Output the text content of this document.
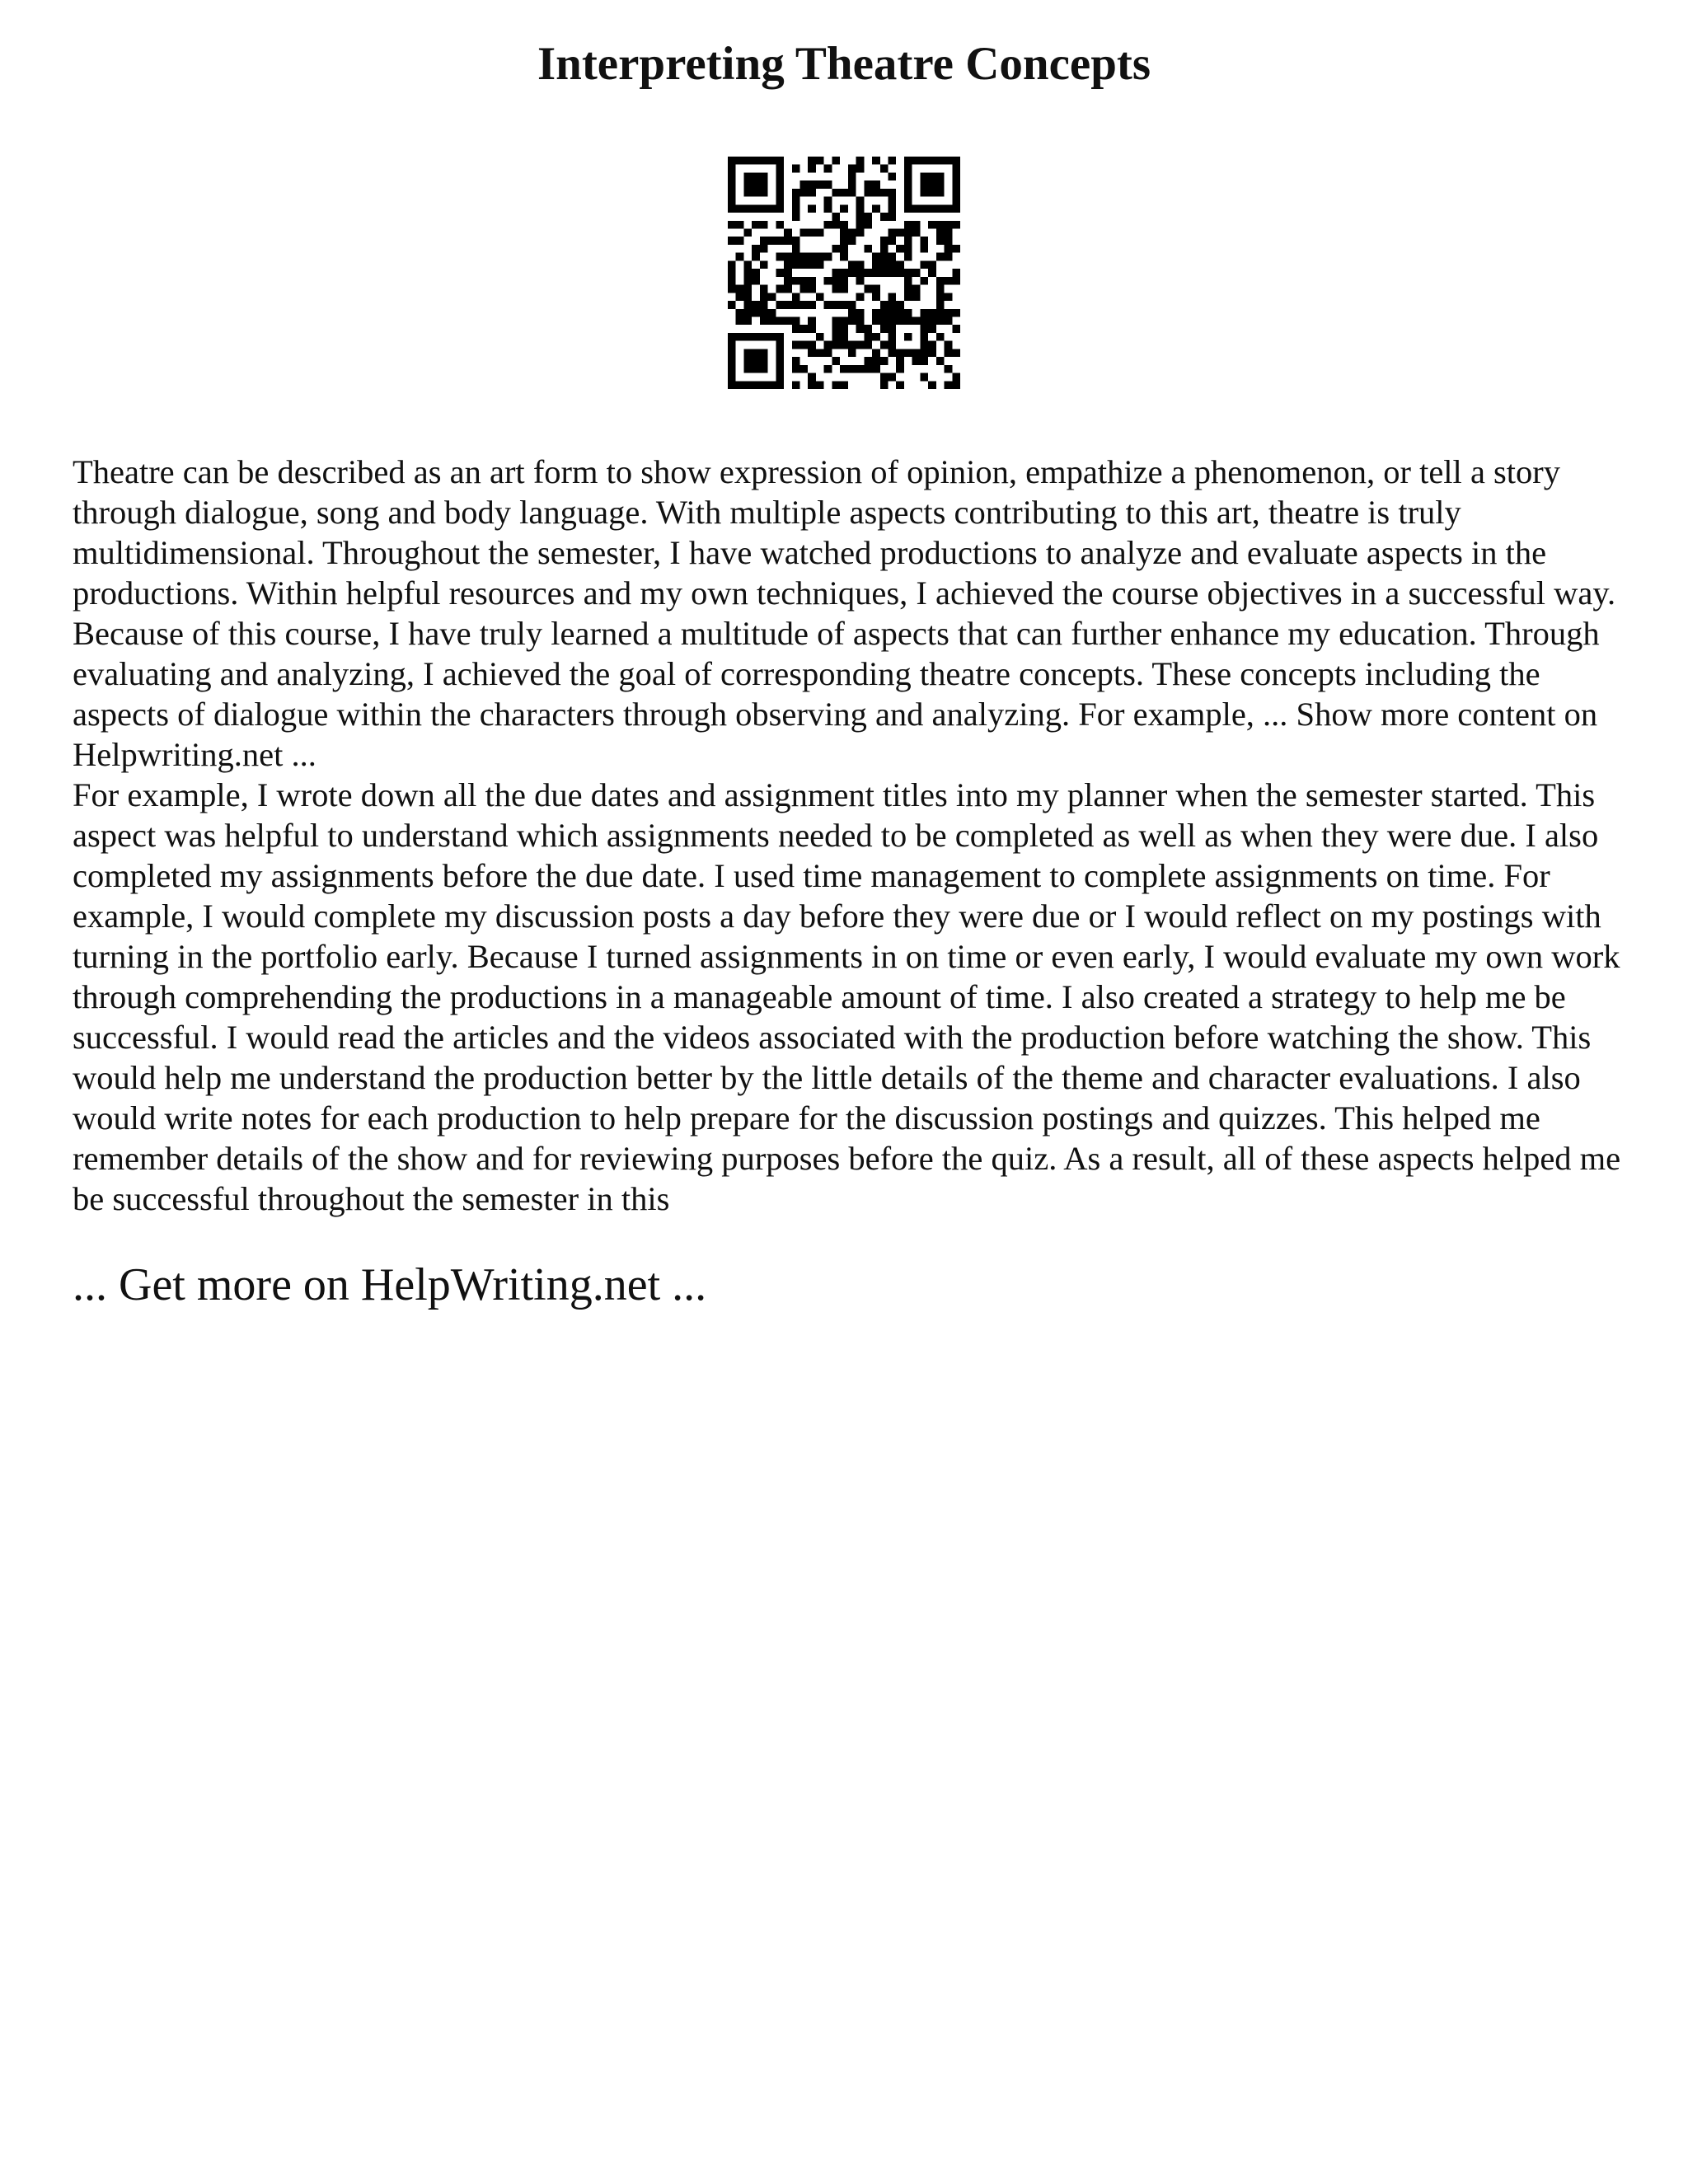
Interpreting Theatre Concepts

Theatre can be described as an art form to show expression of opinion, empathize a phenomenon, or tell a story through dialogue, song and body language. With multiple aspects contributing to this art, theatre is truly multidimensional. Throughout the semester, I have watched productions to analyze and evaluate aspects in the productions. Within helpful resources and my own techniques, I achieved the course objectives in a successful way. Because of this course, I have truly learned a multitude of aspects that can further enhance my education. Through evaluating and analyzing, I achieved the goal of corresponding theatre concepts. These concepts including the aspects of dialogue within the characters through observing and analyzing. For example, ... Show more content on Helpwriting.net ...

For example, I wrote down all the due dates and assignment titles into my planner when the semester started. This aspect was helpful to understand which assignments needed to be completed as well as when they were due. I also completed my assignments before the due date. I used time management to complete assignments on time. For example, I would complete my discussion posts a day before they were due or I would reflect on my postings with turning in the portfolio early. Because I turned assignments in on time or even early, I would evaluate my own work through comprehending the productions in a manageable amount of time. I also created a strategy to help me be successful. I would read the articles and the videos associated with the production before watching the show. This would help me understand the production better by the little details of the theme and character evaluations. I also would write notes for each production to help prepare for the discussion postings and quizzes. This helped me remember details of the show and for reviewing purposes before the quiz. As a result, all of these aspects helped me be successful throughout the semester in this

... Get more on HelpWriting.net ...
